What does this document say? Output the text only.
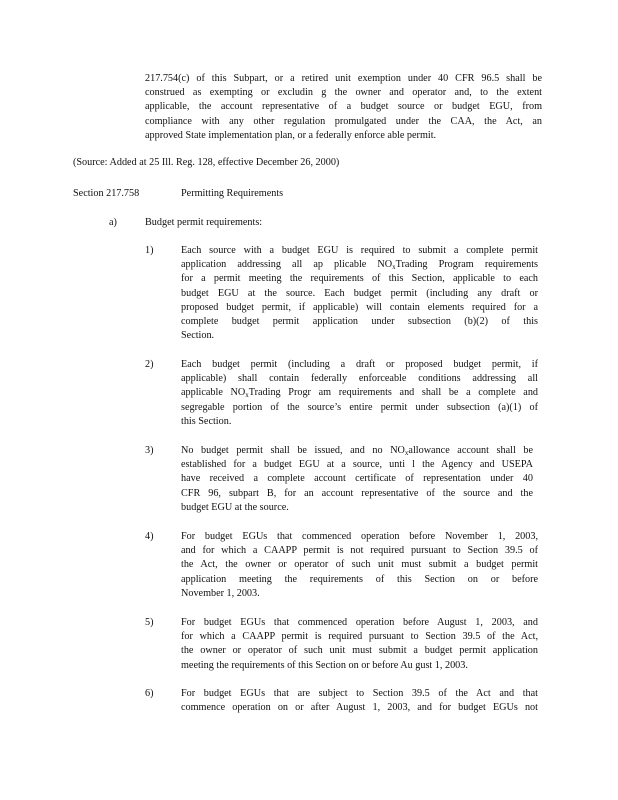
217.754(c) of this Subpart, or a retired unit exemption under 40 CFR 96.5 shall be
construed as exempting or excludin g the owner and operator and, to the extent
applicable, the account representative of a budget source or budget EGU, from
compliance with any other regulation promulgated under the CAA, the Act, an
approved State implementation plan, or a federally enforce able permit.
(Source: Added at 25 Ill. Reg. 128, effective December 26, 2000)
Section 217.758	Permitting Requirements
a)	Budget permit requirements:
1)	Each source with a budget EGU is required to submit a complete permit
application addressing all ap plicable $NO_xTrading$ Program requirements
for a permit meeting the requirements of this Section, applicable to each
budget EGU at the source. Each budget permit (including any draft or
proposed budget permit, if applicable) will contain elements required for a
complete budget permit application under subsection (b)(2) of this
Section.
2)	Each budget permit (including a draft or proposed budget permit, if
applicable) shall contain federally enforceable conditions addressing all
applicable $NO_xTrading$ Progr am requirements and shall be a complete and
segregable portion of the source’s entire permit under subsection (a)(1) of
this Section.
3)	No budget permit shall be issued, and no $NO_xallowance$ account shall be
established for a budget EGU at a source, unti l the Agency and USEPA
have received a complete account certificate of representation under 40
CFR 96, subpart B, for an account representative of the source and the
budget EGU at the source.
4)	For budget EGUs that commenced operation before November 1, 2003,
and for which a CAAPP permit is not required pursuant to Section 39.5 of
the Act, the owner or operator of such unit must submit a budget permit
application meeting the requirements of this Section on or before
November 1, 2003.
5)	For budget EGUs that commenced operation before August 1, 2003, and
for which a CAAPP permit is required pursuant to Section 39.5 of the Act,
the owner or operator of such unit must submit a budget permit application
meeting the requirements of this Section on or before Au gust 1, 2003.
6)	For budget EGUs that are subject to Section 39.5 of the Act and that
commence operation on or after August 1, 2003, and for budget EGUs not
